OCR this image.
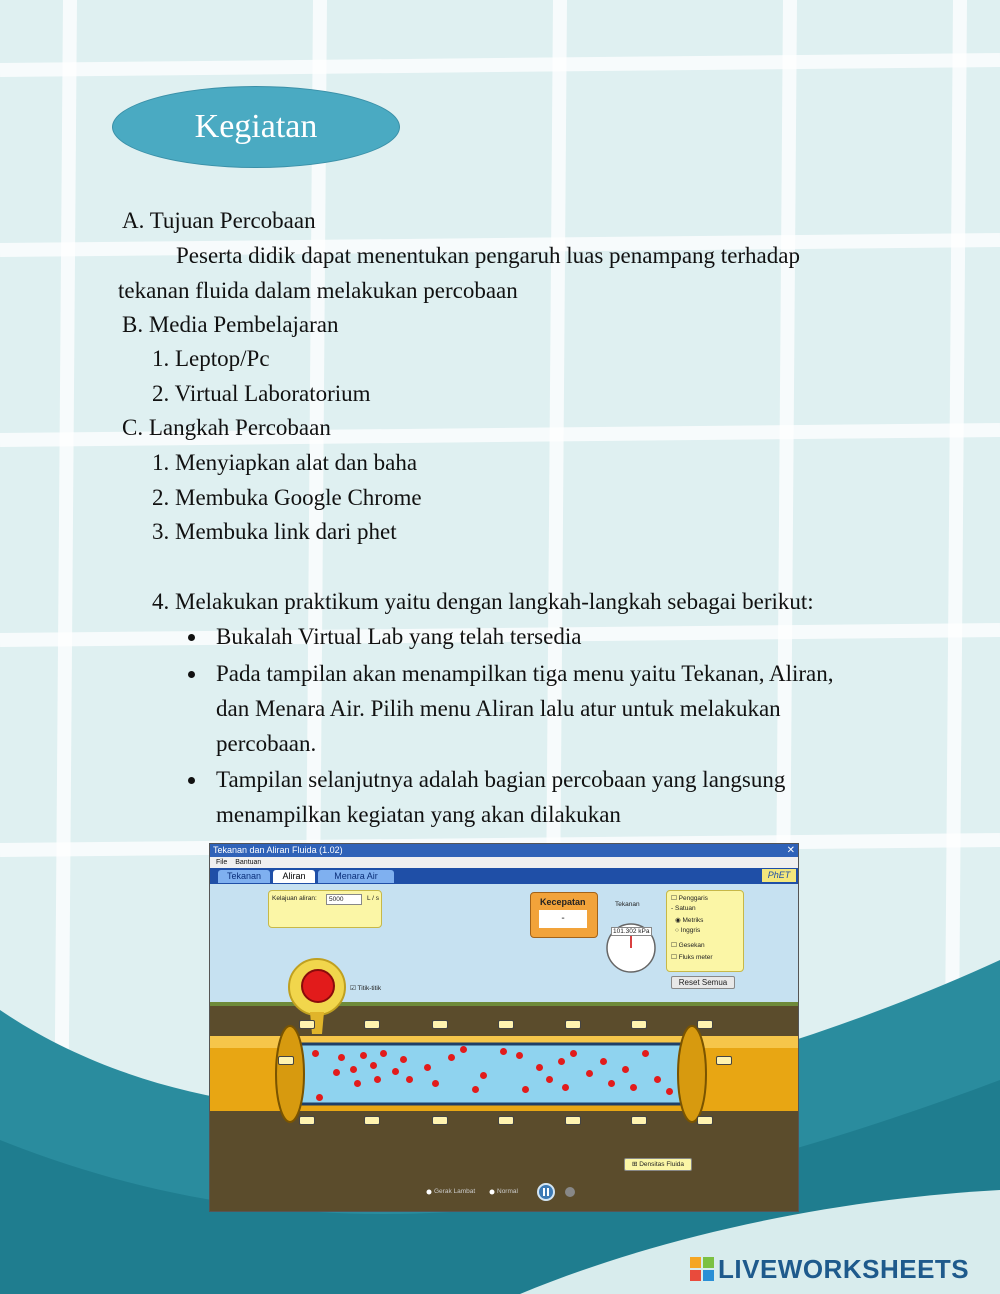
Kegiatan
A. Tujuan Percobaan
Peserta didik dapat menentukan pengaruh luas penampang terhadap
tekanan fluida dalam melakukan percobaan
B. Media Pembelajaran
1. Leptop/Pc
2. Virtual Laboratorium
C. Langkah Percobaan
1. Menyiapkan alat dan baha
2. Membuka Google Chrome
3. Membuka link dari phet
4. Melakukan praktikum yaitu dengan langkah-langkah sebagai berikut:
Bukalah Virtual Lab yang telah tersedia
Pada tampilan akan menampilkan tiga menu yaitu Tekanan, Aliran,
dan Menara Air. Pilih menu Aliran lalu atur untuk melakukan
percobaan.
Tampilan selanjutnya adalah bagian percobaan yang langsung
menampilkan kegiatan yang akan dilakukan
Tekanan dan Aliran Fluida (1.02)	✕
File Bantuan
Tekanan	Aliran	Menara Air	PhET
Kelajuan aliran:	5000	L / s	Kecepatan
-
Tekanan
101.302 kPa
☐ Penggaris
- Satuan
◉ Metriks
○ Inggris
☐ Gesekan
☐ Fluks meter
Reset Semua
☑ Titik-titik
⊞ Densitas Fluida
Gerak Lambat	Normal
LIVEWORKSHEETS
